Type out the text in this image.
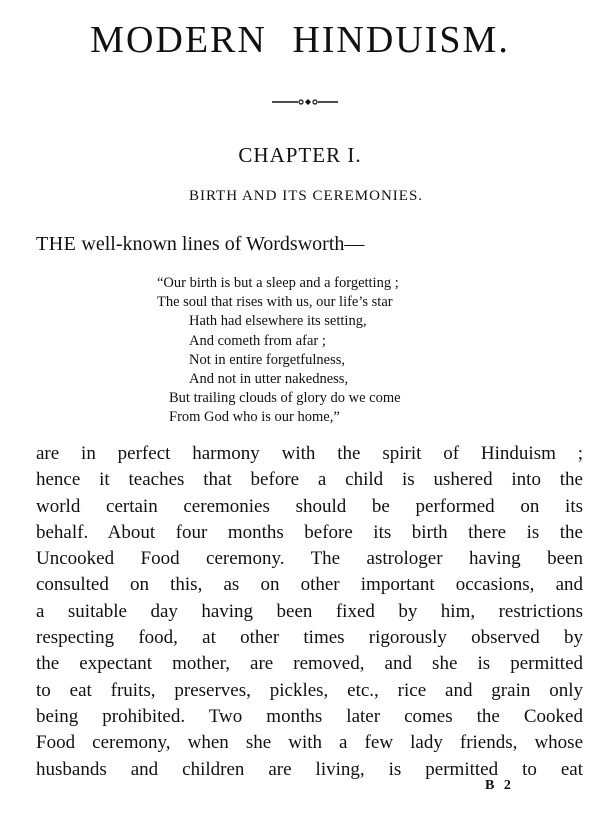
MODERN HINDUISM.
CHAPTER I.
BIRTH AND ITS CEREMONIES.

THE well-known lines of Wordsworth—

“Our birth is but a sleep and a forgetting ;
The soul that rises with us, our life’s star
Hath had elsewhere its setting,
And cometh from afar ;
Not in entire forgetfulness,
And not in utter nakedness,
But trailing clouds of glory do we come
From God who is our home,”

are in perfect harmony with the spirit of Hinduism ;
hence it teaches that before a child is ushered into the
world certain ceremonies should be performed on its
behalf. About four months before its birth there is the
Uncooked Food ceremony. The astrologer having been
consulted on this, as on other important occasions, and
a suitable day having been fixed by him, restrictions
respecting food, at other times rigorously observed by
the expectant mother, are removed, and she is permitted
to eat fruits, preserves, pickles, etc., rice and grain only
being prohibited. Two months later comes the Cooked
Food ceremony, when she with a few lady friends, whose
husbands and children are living, is permitted to eat

B 2
